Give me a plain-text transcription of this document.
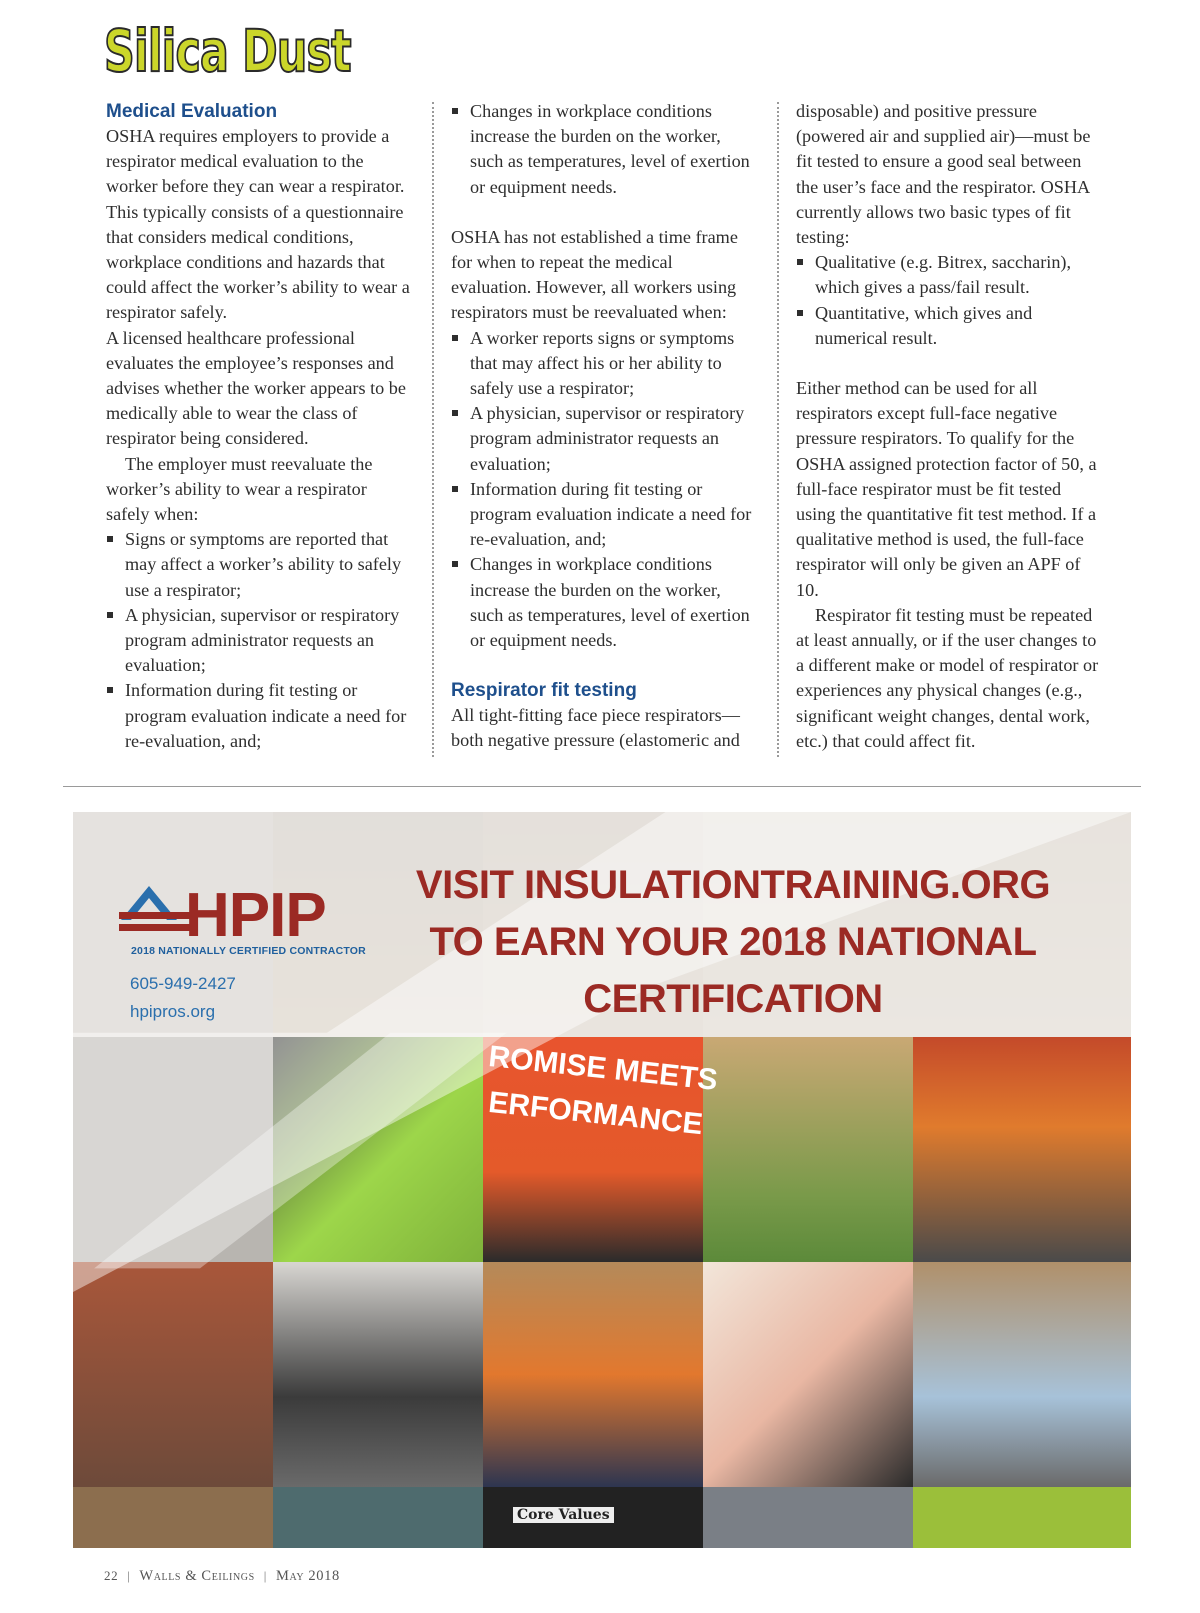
Silica Dust
Medical Evaluation

OSHA requires employers to provide a respirator medical evaluation to the worker before they can wear a respirator. This typically consists of a questionnaire that considers medical conditions, workplace conditions and hazards that could affect the worker’s ability to wear a respirator safely.

A licensed healthcare professional evaluates the employee’s responses and advises whether the worker appears to be medically able to wear the class of respirator being considered.

The employer must reevaluate the worker’s ability to wear a respirator safely when:

Signs or symptoms are reported that may affect a worker’s ability to safely use a respirator;
A physician, supervisor or respiratory program administrator requests an evaluation;
Information during fit testing or program evaluation indicate a need for re-evaluation, and;
Changes in workplace conditions increase the burden on the worker, such as temperatures, level of exertion or equipment needs.

OSHA has not established a time frame for when to repeat the medical evaluation. However, all workers using respirators must be reevaluated when:

A worker reports signs or symptoms that may affect his or her ability to safely use a respirator;
A physician, supervisor or respiratory program administrator requests an evaluation;
Information during fit testing or program evaluation indicate a need for re-evaluation, and;
Changes in workplace conditions increase the burden on the worker, such as temperatures, level of exertion or equipment needs.
Respirator fit testing

All tight-fitting face piece respirators—both negative pressure (elastomeric and

disposable) and positive pressure (powered air and supplied air)—must be fit tested to ensure a good seal between the user’s face and the respirator. OSHA currently allows two basic types of fit testing:

Qualitative (e.g. Bitrex, saccharin), which gives a pass/fail result.
Quantitative, which gives and numerical result.

Either method can be used for all respirators except full-face negative pressure respirators. To qualify for the OSHA assigned protection factor of 50, a full-face respirator must be fit tested using the quantitative fit test method. If a qualitative method is used, the full-face respirator will only be given an APF of 10.

Respirator fit testing must be repeated at least annually, or if the user changes to a different make or model of respirator or experiences any physical changes (e.g., significant weight changes, dental work, etc.) that could affect fit.

ROMISE MEETS
ERFORMANCE
Core Values
HPIP
2018 NATIONALLY CERTIFIED CONTRACTOR
605-949-2427
hpipros.org
VISIT INSULATIONTRAINING.ORG
TO EARN YOUR 2018 NATIONAL
CERTIFICATION
22 | Walls & Ceilings | May 2018
